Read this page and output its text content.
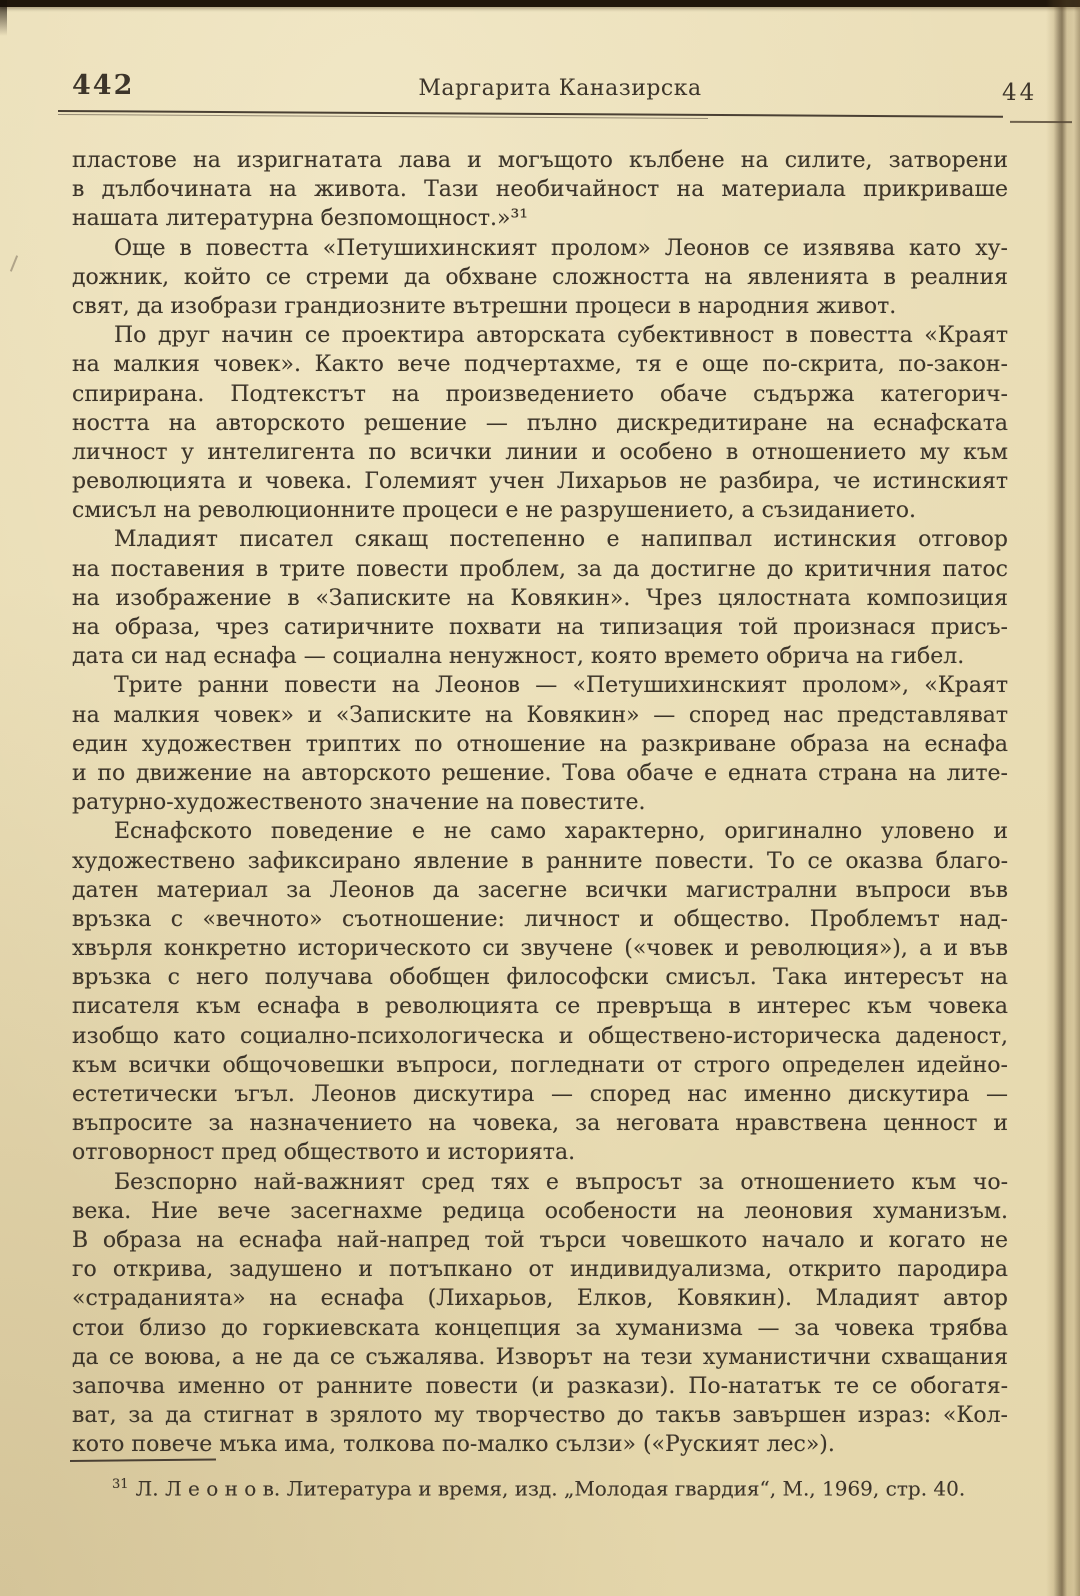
442	Маргарита Каназирска	44
пластове на изригнатата лава и могъщото кълбене на силите, затворени
в дълбочината на живота. Тази необичайност на материала прикриваше
нашата литературна безпомощност.»³¹
Още в повестта «Петушихинският пролом» Леонов се изявява като ху-
дожник, който се стреми да обхване сложността на явленията в реалния
свят, да изобрази грандиозните вътрешни процеси в народния живот.
По друг начин се проектира авторската субективност в повестта «Краят
на малкия човек». Както вече подчертахме, тя е още по-скрита, по-закон-
спирирана. Подтекстът на произведението обаче съдържа категорич-
ността на авторското решение — пълно дискредитиране на еснафската
личност у интелигента по всички линии и особено в отношението му към
революцията и човека. Големият учен Лихарьов не разбира, че истинският
смисъл на революционните процеси е не разрушението, а съзиданието.
Младият писател сякащ постепенно е напипвал истинския отговор
на поставения в трите повести проблем, за да достигне до критичния патос
на изображение в «Записките на Ковякин». Чрез цялостната композиция
на образа, чрез сатиричните похвати на типизация той произнася присъ-
дата си над еснафа — социална ненужност, която времето обрича на гибел.
Трите ранни повести на Леонов — «Петушихинският пролом», «Краят
на малкия човек» и «Записките на Ковякин» — според нас представляват
един художествен триптих по отношение на разкриване образа на еснафа
и по движение на авторското решение. Това обаче е едната страна на лите-
ратурно-художественото значение на повестите.
Еснафското поведение е не само характерно, оригинално уловено и
художествено зафиксирано явление в ранните повести. То се оказва благо-
датен материал за Леонов да засегне всички магистрални въпроси във
връзка с «вечното» съотношение: личност и общество. Проблемът над-
хвърля конкретно историческото си звучене («човек и революция»), а и във
връзка с него получава обобщен философски смисъл. Така интересът на
писателя към еснафа в революцията се превръща в интерес към човека
изобщо като социално-психологическа и обществено-историческа даденост,
към всички общочовешки въпроси, погледнати от строго определен идейно-
естетически ъгъл. Леонов дискутира — според нас именно дискутира —
въпросите за назначението на човека, за неговата нравствена ценност и
отговорност пред обществото и историята.
Безспорно най-важният сред тях е въпросът за отношението към чо-
века. Ние вече засегнахме редица особености на леоновия хуманизъм.
В образа на еснафа най-напред той търси човешкото начало и когато не
го открива, задушено и потъпкано от индивидуализма, открито пародира
«страданията» на еснафа (Лихарьов, Елков, Ковякин). Младият автор
стои близо до горкиевската концепция за хуманизма — за човека трябва
да се воюва, а не да се съжалява. Изворът на тези хуманистични схващания
започва именно от ранните повести (и разкази). По-нататък те се обогатя-
ват, за да стигнат в зрялото му творчество до такъв завършен израз: «Кол-
кото повече мъка има, толкова по-малко сълзи» («Руският лес»).
$^{31}$ Л. Л е о н о в. Литература и время, изд. „Молодая гвардия“, М., 1969, стр. 40.
